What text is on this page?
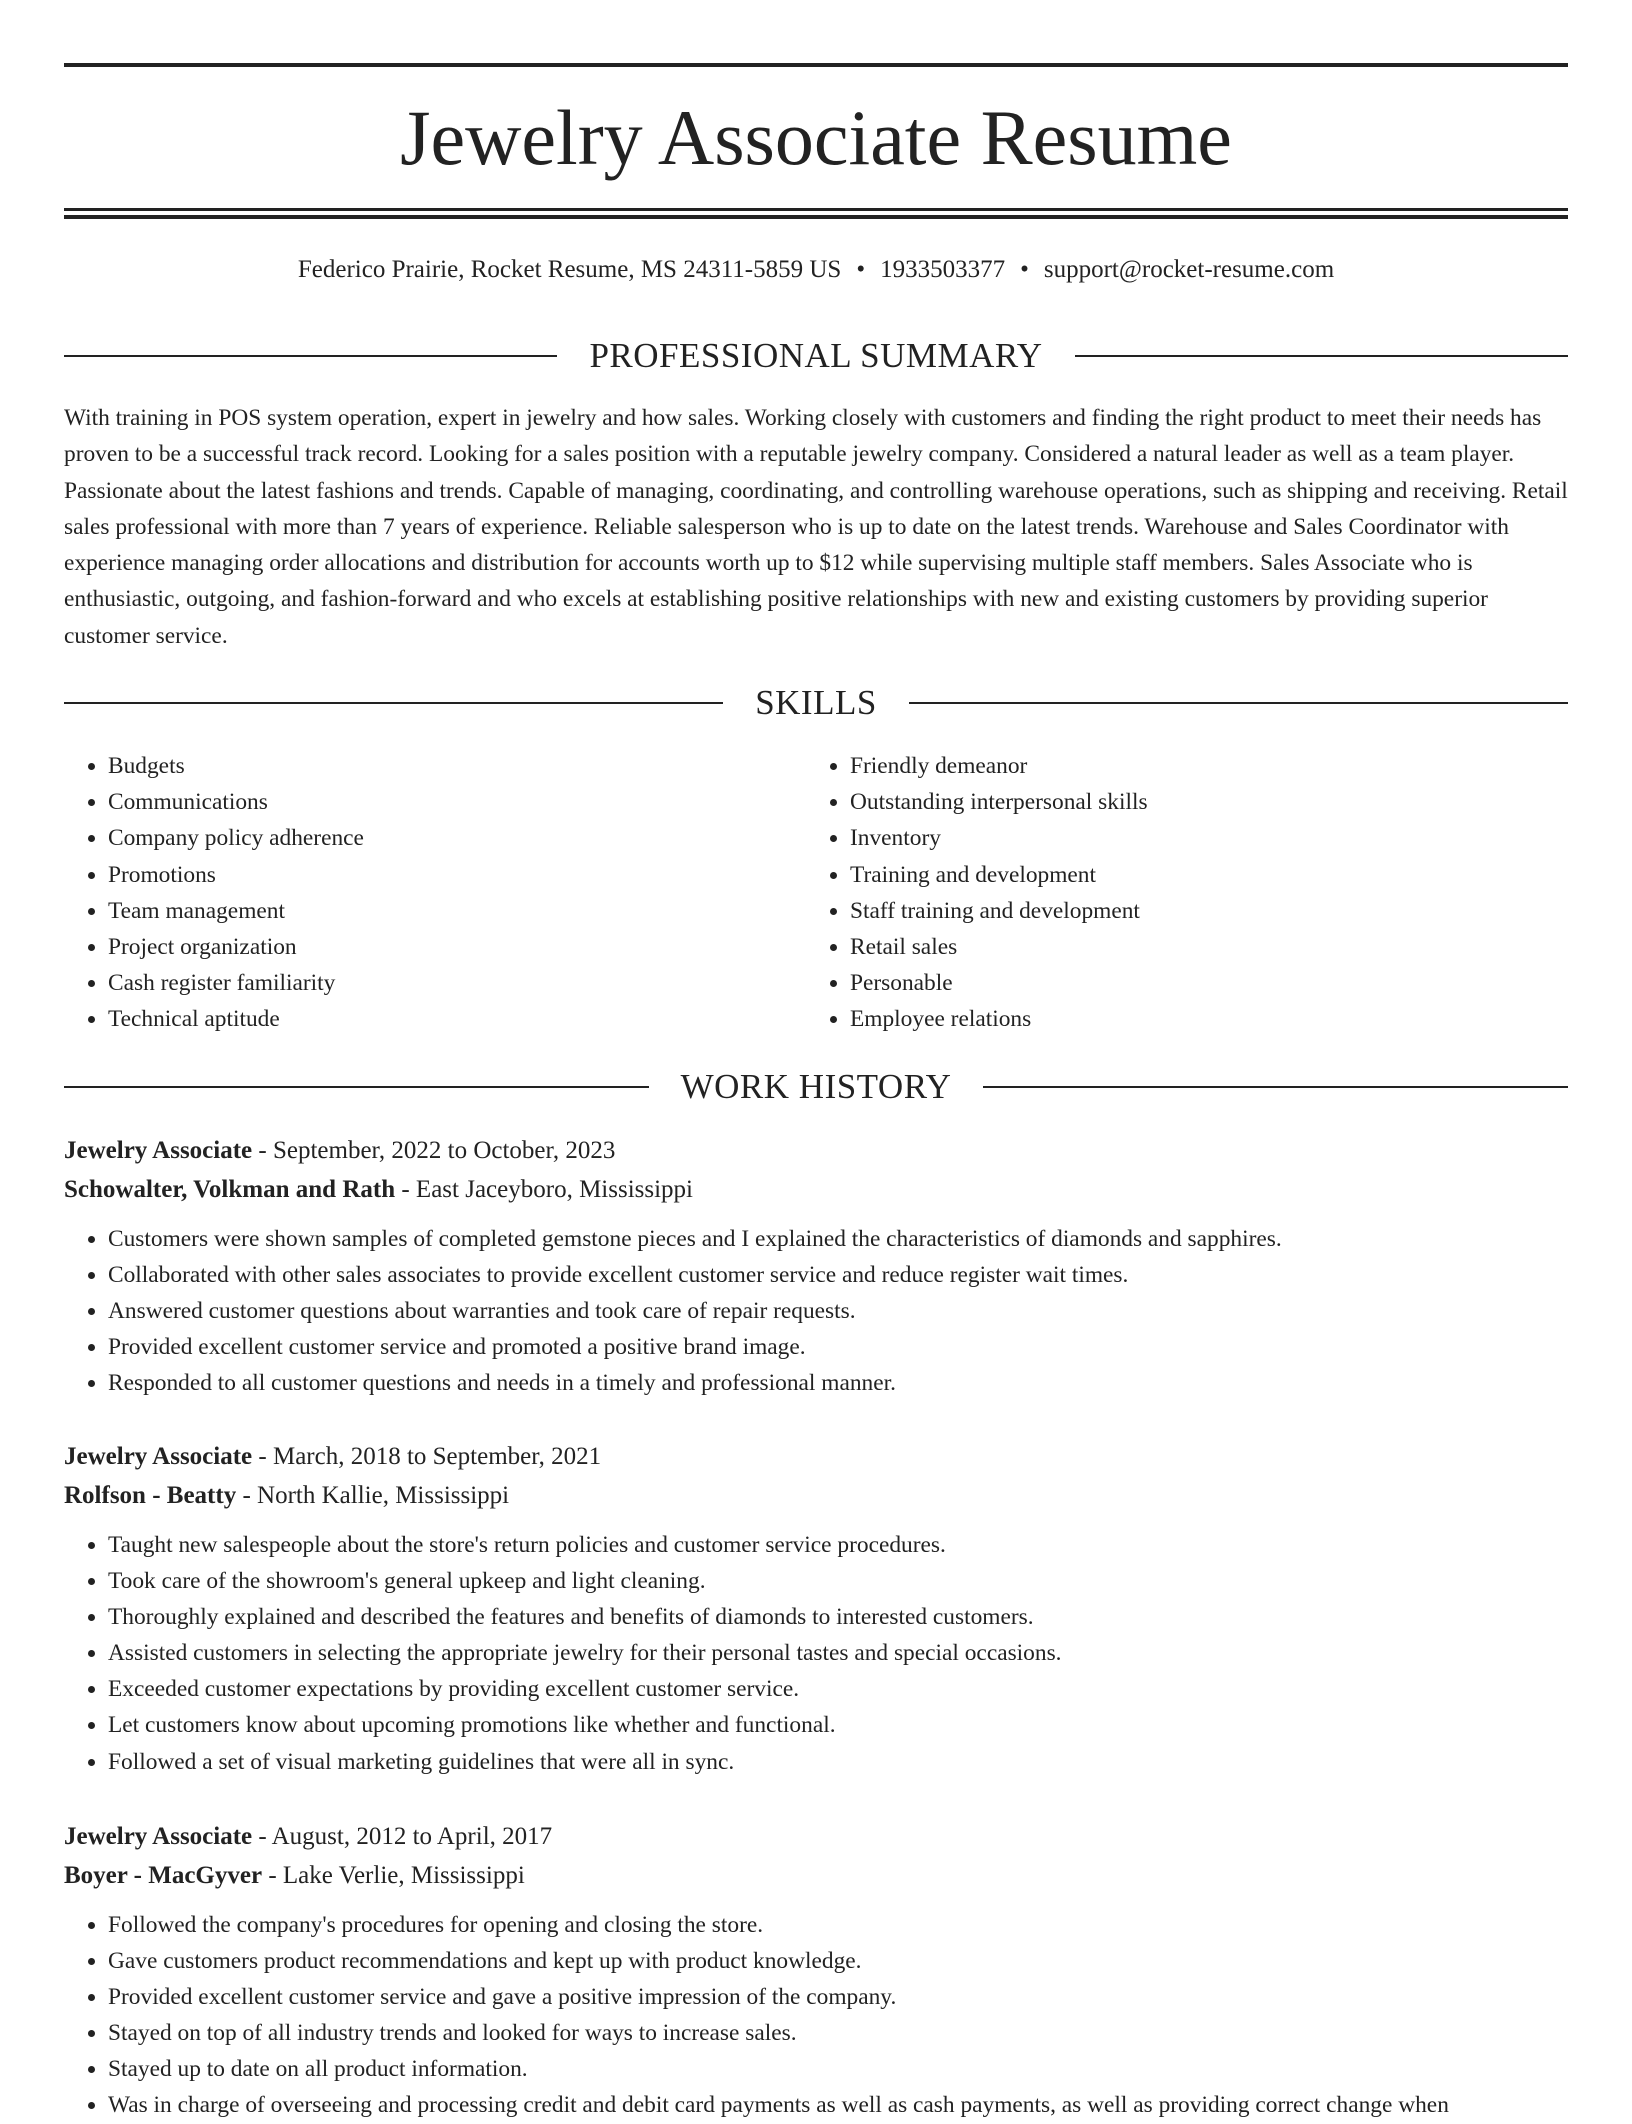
Jewelry Associate Resume
Federico Prairie, Rocket Resume, MS 24311-5859 US • 1933503377 • support@rocket-resume.com
PROFESSIONAL SUMMARY

With training in POS system operation, expert in jewelry and how sales. Working closely with customers and finding the right product to meet their needs has proven to be a successful track record. Looking for a sales position with a reputable jewelry company. Considered a natural leader as well as a team player. Passionate about the latest fashions and trends. Capable of managing, coordinating, and controlling warehouse operations, such as shipping and receiving. Retail sales professional with more than 7 years of experience. Reliable salesperson who is up to date on the latest trends. Warehouse and Sales Coordinator with experience managing order allocations and distribution for accounts worth up to $12 while supervising multiple staff members. Sales Associate who is enthusiastic, outgoing, and fashion-forward and who excels at establishing positive relationships with new and existing customers by providing superior customer service.

SKILLS
• Budgets
• Communications
• Company policy adherence
• Promotions
• Team management
• Project organization
• Cash register familiarity
• Technical aptitude
• Friendly demeanor
• Outstanding interpersonal skills
• Inventory
• Training and development
• Staff training and development
• Retail sales
• Personable
• Employee relations
WORK HISTORY

Jewelry Associate - September, 2022 to October, 2023

Schowalter, Volkman and Rath - East Jaceyboro, Mississippi

• Customers were shown samples of completed gemstone pieces and I explained the characteristics of diamonds and sapphires.
• Collaborated with other sales associates to provide excellent customer service and reduce register wait times.
• Answered customer questions about warranties and took care of repair requests.
• Provided excellent customer service and promoted a positive brand image.
• Responded to all customer questions and needs in a timely and professional manner.

Jewelry Associate - March, 2018 to September, 2021

Rolfson - Beatty - North Kallie, Mississippi

• Taught new salespeople about the store's return policies and customer service procedures.
• Took care of the showroom's general upkeep and light cleaning.
• Thoroughly explained and described the features and benefits of diamonds to interested customers.
• Assisted customers in selecting the appropriate jewelry for their personal tastes and special occasions.
• Exceeded customer expectations by providing excellent customer service.
• Let customers know about upcoming promotions like whether and functional.
• Followed a set of visual marketing guidelines that were all in sync.

Jewelry Associate - August, 2012 to April, 2017

Boyer - MacGyver - Lake Verlie, Mississippi

• Followed the company's procedures for opening and closing the store.
• Gave customers product recommendations and kept up with product knowledge.
• Provided excellent customer service and gave a positive impression of the company.
• Stayed on top of all industry trends and looked for ways to increase sales.
• Stayed up to date on all product information.
• Was in charge of overseeing and processing credit and debit card payments as well as cash payments, as well as providing correct change when
